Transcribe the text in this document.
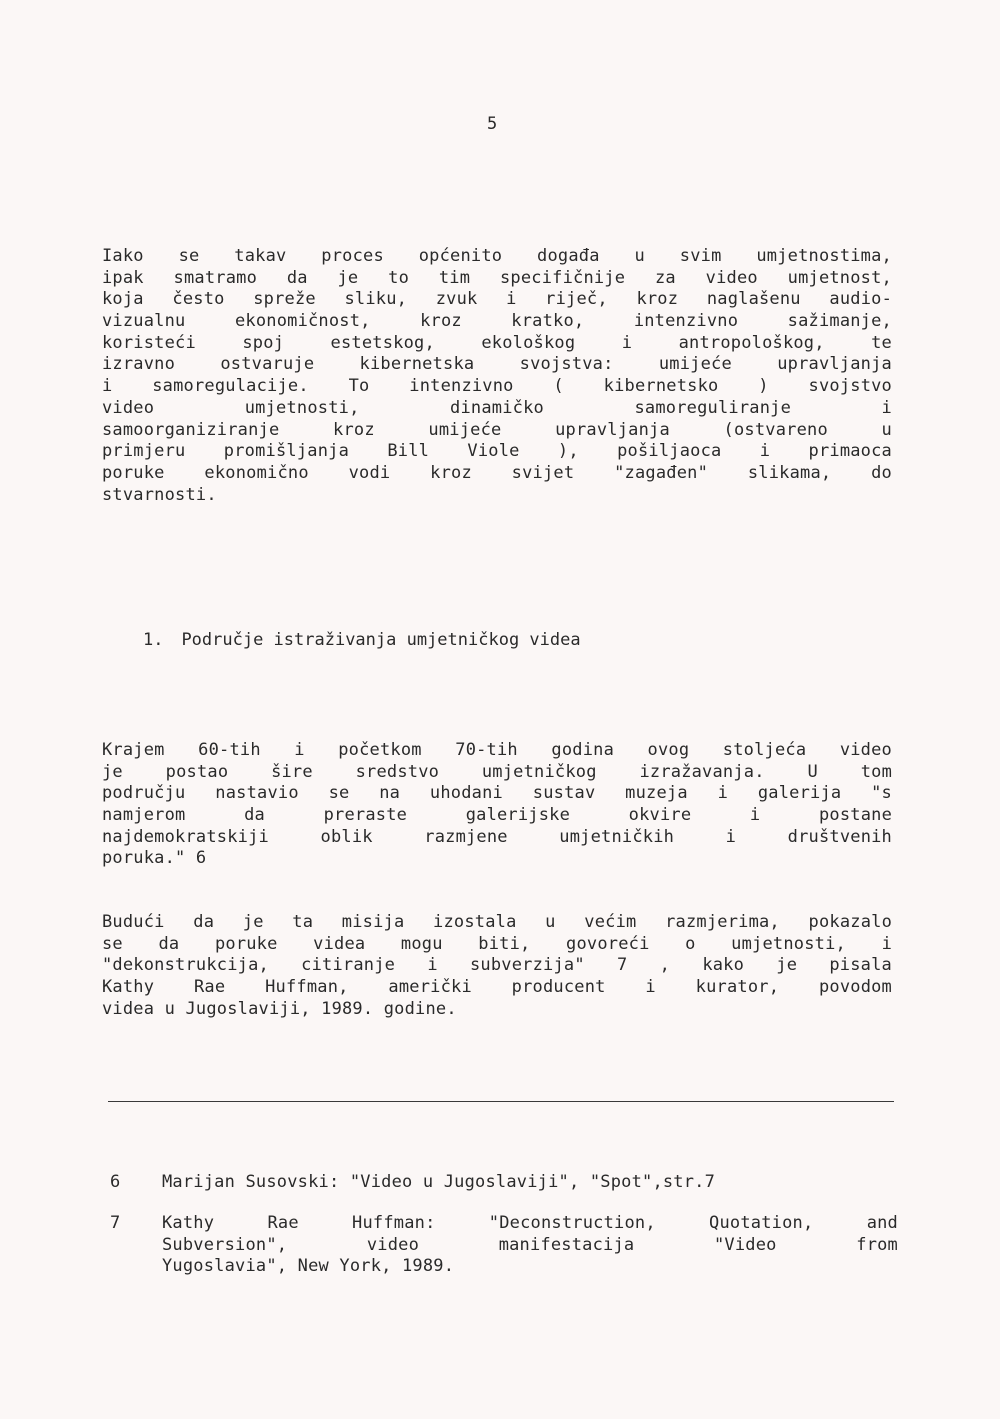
5
Iako se takav proces općenito događa u svim umjetnostima,
ipak smatramo da je to tim specifičnije za video umjetnost,
koja često spreže sliku, zvuk i riječ, kroz naglašenu audio-
vizualnu ekonomičnost, kroz kratko, intenzivno sažimanje,
koristeći spoj estetskog, ekološkog i antropološkog, te
izravno ostvaruje kibernetska svojstva: umijeće upravljanja
i samoregulacije. To intenzivno ( kibernetsko ) svojstvo
video umjetnosti, dinamičko samoreguliranje i
samoorganiziranje kroz umijeće upravljanja (ostvareno u
primjeru promišljanja Bill Viole ), pošiljaoca i primaoca
poruke ekonomično vodi kroz svijet "zagađen" slikama, do
stvarnosti.

1. Područje istraživanja umjetničkog videa

Krajem 60-tih i početkom 70-tih godina ovog stoljeća video
je postao šire sredstvo umjetničkog izražavanja. U tom
području nastavio se na uhodani sustav muzeja i galerija "s
namjerom da preraste galerijske okvire i postane
najdemokratskiji oblik razmjene umjetničkih i društvenih
poruka." 6
Budući da je ta misija izostala u većim razmjerima, pokazalo
se da poruke videa mogu biti, govoreći o umjetnosti, i
"dekonstrukcija, citiranje i subverzija" 7 , kako je pisala
Kathy Rae Huffman, američki producent i kurator, povodom
videa u Jugoslaviji, 1989. godine.
6 Marijan Susovski: "Video u Jugoslaviji", "Spot",str.7
7 Kathy Rae Huffman: "Deconstruction, Quotation, and
Subversion", video manifestacija "Video from
Yugoslavia", New York, 1989.
